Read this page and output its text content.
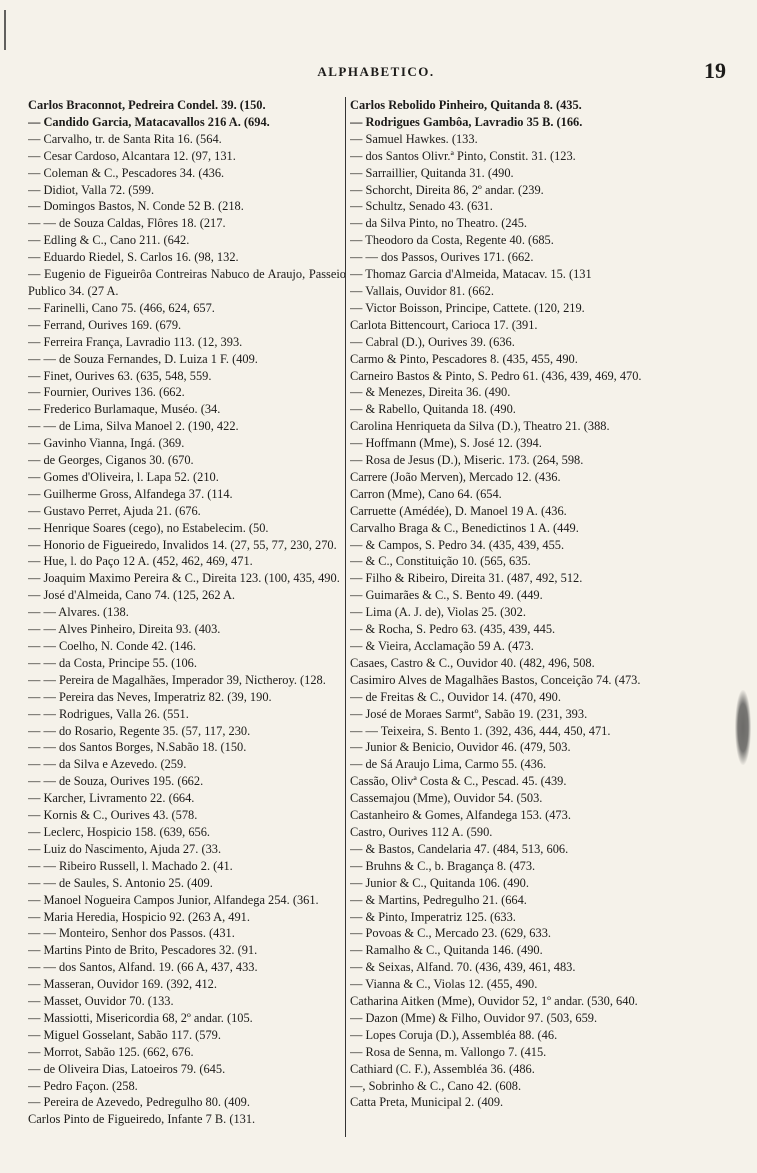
ALPHABETICO.	19
Carlos Braconnot, Pedreira Condel. 39. (150.
— Candido Garcia, Matacavallos 216 A. (694.
— Carvalho, tr. de Santa Rita 16. (564.
— Cesar Cardoso, Alcantara 12. (97, 131.
— Coleman & C., Pescadores 34. (436.
— Didiot, Valla 72. (599.
— Domingos Bastos, N. Conde 52 B. (218.
— — de Souza Caldas, Flôres 18. (217.
— Edling & C., Cano 211. (642.
— Eduardo Riedel, S. Carlos 16. (98, 132.
— Eugenio de Figueirôa Contreiras Nabuco de Araujo, Passeio Publico 34. (27 A.
— Farinelli, Cano 75. (466, 624, 657.
— Ferrand, Ourives 169. (679.
— Ferreira França, Lavradio 113. (12, 393.
— — de Souza Fernandes, D. Luiza 1 F. (409.
— Finet, Ourives 63. (635, 548, 559.
— Fournier, Ourives 136. (662.
— Frederico Burlamaque, Muséo. (34.
— — de Lima, Silva Manoel 2. (190, 422.
— Gavinho Vianna, Ingá. (369.
— de Georges, Ciganos 30. (670.
— Gomes d'Oliveira, l. Lapa 52. (210.
— Guilherme Gross, Alfandega 37. (114.
— Gustavo Perret, Ajuda 21. (676.
— Henrique Soares (cego), no Estabelecim. (50.
— Honorio de Figueiredo, Invalidos 14. (27, 55, 77, 230, 270.
— Hue, l. do Paço 12 A. (452, 462, 469, 471.
— Joaquim Maximo Pereira & C., Direita 123. (100, 435, 490.
— José d'Almeida, Cano 74. (125, 262 A.
— — Alvares. (138.
— — Alves Pinheiro, Direita 93. (403.
— — Coelho, N. Conde 42. (146.
— — da Costa, Principe 55. (106.
— — Pereira de Magalhães, Imperador 39, Nictheroy. (128.
— — Pereira das Neves, Imperatriz 82. (39, 190.
— — Rodrigues, Valla 26. (551.
— — do Rosario, Regente 35. (57, 117, 230.
— — dos Santos Borges, N.Sabão 18. (150.
— — da Silva e Azevedo. (259.
— — de Souza, Ourives 195. (662.
— Karcher, Livramento 22. (664.
— Kornis & C., Ourives 43. (578.
— Leclerc, Hospicio 158. (639, 656.
— Luiz do Nascimento, Ajuda 27. (33.
— — Ribeiro Russell, l. Machado 2. (41.
— — de Saules, S. Antonio 25. (409.
— Manoel Nogueira Campos Junior, Alfandega 254. (361.
— Maria Heredia, Hospicio 92. (263 A, 491.
— — Monteiro, Senhor dos Passos. (431.
— Martins Pinto de Brito, Pescadores 32. (91.
— — dos Santos, Alfand. 19. (66 A, 437, 433.
— Masseran, Ouvidor 169. (392, 412.
— Masset, Ouvidor 70. (133.
— Massiotti, Misericordia 68, 2º andar. (105.
— Miguel Gosselant, Sabão 117. (579.
— Morrot, Sabão 125. (662, 676.
— de Oliveira Dias, Latoeiros 79. (645.
— Pedro Façon. (258.
— Pereira de Azevedo, Pedregulho 80. (409.
Carlos Pinto de Figueiredo, Infante 7 B. (131.
Carlos Rebolido Pinheiro, Quitanda 8. (435.
— Rodrigues Gambôa, Lavradio 35 B. (166.
— Samuel Hawkes. (133.
— dos Santos Olivr.ª Pinto, Constit. 31. (123.
— Sarraillier, Quitanda 31. (490.
— Schorcht, Direita 86, 2º andar. (239.
— Schultz, Senado 43. (631.
— da Silva Pinto, no Theatro. (245.
— Theodoro da Costa, Regente 40. (685.
— — dos Passos, Ourives 171. (662.
— Thomaz Garcia d'Almeida, Matacav. 15. (131
— Vallais, Ouvidor 81. (662.
— Victor Boisson, Principe, Cattete. (120, 219.
Carlota Bittencourt, Carioca 17. (391.
— Cabral (D.), Ourives 39. (636.
Carmo & Pinto, Pescadores 8. (435, 455, 490.
Carneiro Bastos & Pinto, S. Pedro 61. (436, 439, 469, 470.
— & Menezes, Direita 36. (490.
— & Rabello, Quitanda 18. (490.
Carolina Henriqueta da Silva (D.), Theatro 21. (388.
— Hoffmann (Mme), S. José 12. (394.
— Rosa de Jesus (D.), Miseric. 173. (264, 598.
Carrere (João Merven), Mercado 12. (436.
Carron (Mme), Cano 64. (654.
Carruette (Amédée), D. Manoel 19 A. (436.
Carvalho Braga & C., Benedictinos 1 A. (449.
— & Campos, S. Pedro 34. (435, 439, 455.
— & C., Constituição 10. (565, 635.
— Filho & Ribeiro, Direita 31. (487, 492, 512.
— Guimarães & C., S. Bento 49. (449.
— Lima (A. J. de), Violas 25. (302.
— & Rocha, S. Pedro 63. (435, 439, 445.
— & Vieira, Acclamação 59 A. (473.
Casaes, Castro & C., Ouvidor 40. (482, 496, 508.
Casimiro Alves de Magalhães Bastos, Conceição 74. (473.
— de Freitas & C., Ouvidor 14. (470, 490.
— José de Moraes Sarmtº, Sabão 19. (231, 393.
— — Teixeira, S. Bento 1. (392, 436, 444, 450, 471.
— Junior & Benicio, Ouvidor 46. (479, 503.
— de Sá Araujo Lima, Carmo 55. (436.
Cassão, Olivª Costa & C., Pescad. 45. (439.
Cassemajou (Mme), Ouvidor 54. (503.
Castanheiro & Gomes, Alfandega 153. (473.
Castro, Ourives 112 A. (590.
— & Bastos, Candelaria 47. (484, 513, 606.
— Bruhns & C., b. Bragança 8. (473.
— Junior & C., Quitanda 106. (490.
— & Martins, Pedregulho 21. (664.
— & Pinto, Imperatriz 125. (633.
— Povoas & C., Mercado 23. (629, 633.
— Ramalho & C., Quitanda 146. (490.
— & Seixas, Alfand. 70. (436, 439, 461, 483.
— Vianna & C., Violas 12. (455, 490.
Catharina Aitken (Mme), Ouvidor 52, 1º andar. (530, 640.
— Dazon (Mme) & Filho, Ouvidor 97. (503, 659.
— Lopes Coruja (D.), Assembléa 88. (46.
— Rosa de Senna, m. Vallongo 7. (415.
Cathiard (C. F.), Assembléa 36. (486.
—, Sobrinho & C., Cano 42. (608.
Catta Preta, Municipal 2. (409.
